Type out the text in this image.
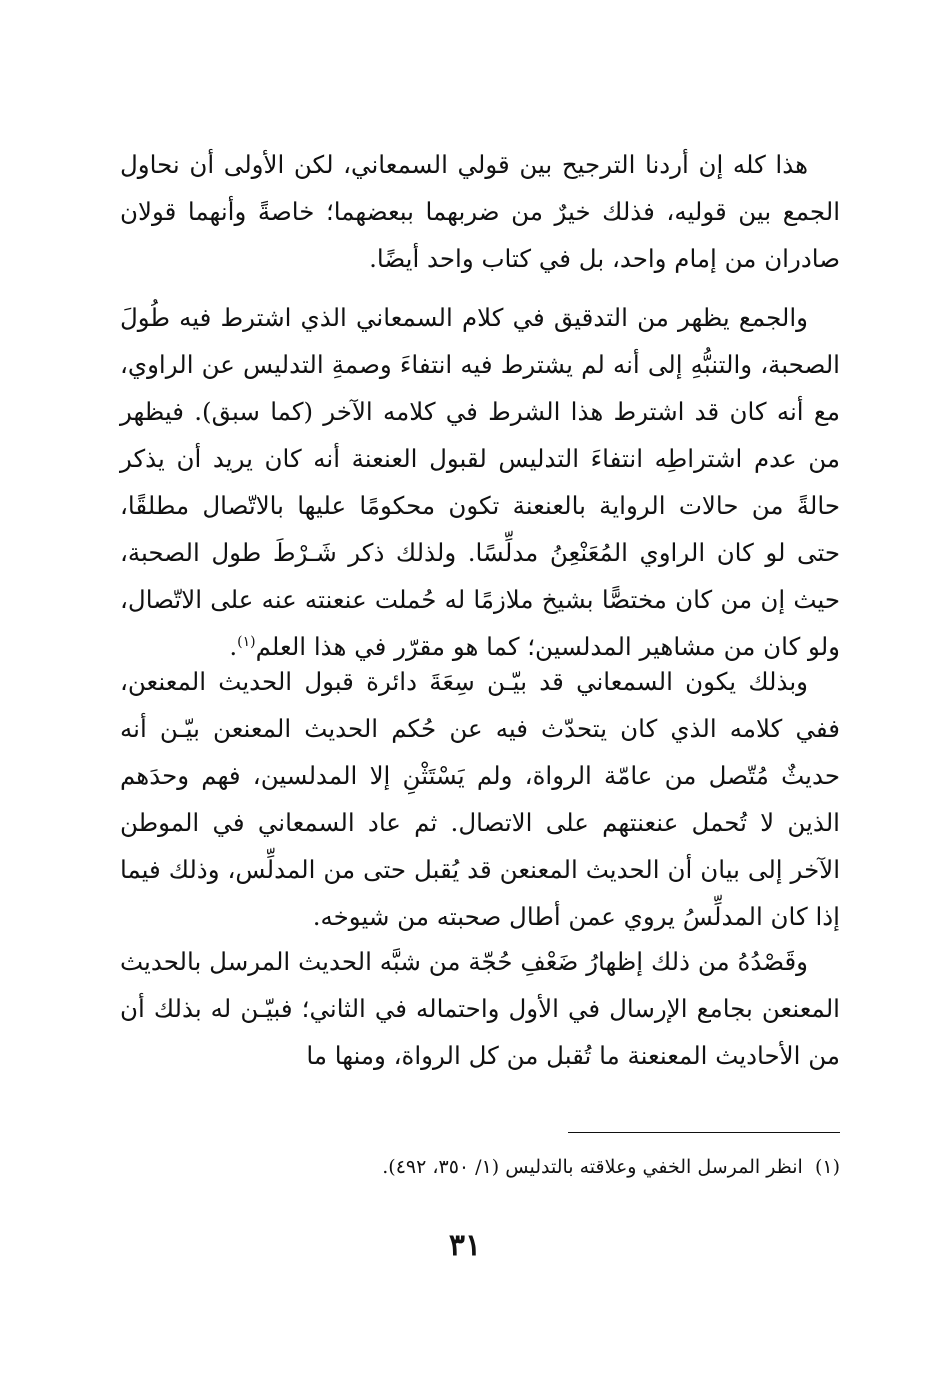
هذا كله إن أردنا الترجيح بين قولي السمعاني، لكن الأولى أن نحاول الجمع بين قوليه، فذلك خيرٌ من ضربهما ببعضهما؛ خاصةً وأنهما قولان صادران من إمام واحد، بل في كتاب واحد أيضًا.

والجمع يظهر من التدقيق في كلام السمعاني الذي اشترط فيه طُولَ الصحبة، والتنبُّهِ إلى أنه لم يشترط فيه انتفاءَ وصمةِ التدليس عن الراوي، مع أنه كان قد اشترط هذا الشرط في كلامه الآخر (كما سبق). فيظهر من عدم اشتراطِه انتفاءَ التدليس لقبول العنعنة أنه كان يريد أن يذكر حالةً من حالات الرواية بالعنعنة تكون محكومًا عليها بالاتّصال مطلقًا، حتى لو كان الراوي المُعَنْعِنُ مدلِّسًا. ولذلك ذكر شَـرْطَ طول الصحبة، حيث إن من كان مختصًّا بشيخ ملازمًا له حُملت عنعنته عنه على الاتّصال، ولو كان من مشاهير المدلسين؛ كما هو مقرّر في هذا العلم$^{(١)}$.

وبذلك يكون السمعاني قد بيّـن سِعَةَ دائرة قبول الحديث المعنعن، ففي كلامه الذي كان يتحدّث فيه عن حُكم الحديث المعنعن بيّـن أنه حديثٌ مُتّصل من عامّة الرواة، ولم يَسْتَثْنِ إلا المدلسين، فهم وحدَهم الذين لا تُحمل عنعنتهم على الاتصال. ثم عاد السمعاني في الموطن الآخر إلى بيان أن الحديث المعنعن قد يُقبل حتى من المدلِّس، وذلك فيما إذا كان المدلِّسُ يروي عمن أطال صحبته من شيوخه.

وقَصْدُهُ من ذلك إظهارُ ضَعْفِ حُجّة من شبَّه الحديث المرسل بالحديث المعنعن بجامع الإرسال في الأول واحتماله في الثاني؛ فبيّـن له بذلك أن من الأحاديث المعنعنة ما تُقبل من كل الرواة، ومنها ما

(١)  انظر المرسل الخفي وعلاقته بالتدليس (١/ ٣٥٠، ٤٩٢).

٣١
